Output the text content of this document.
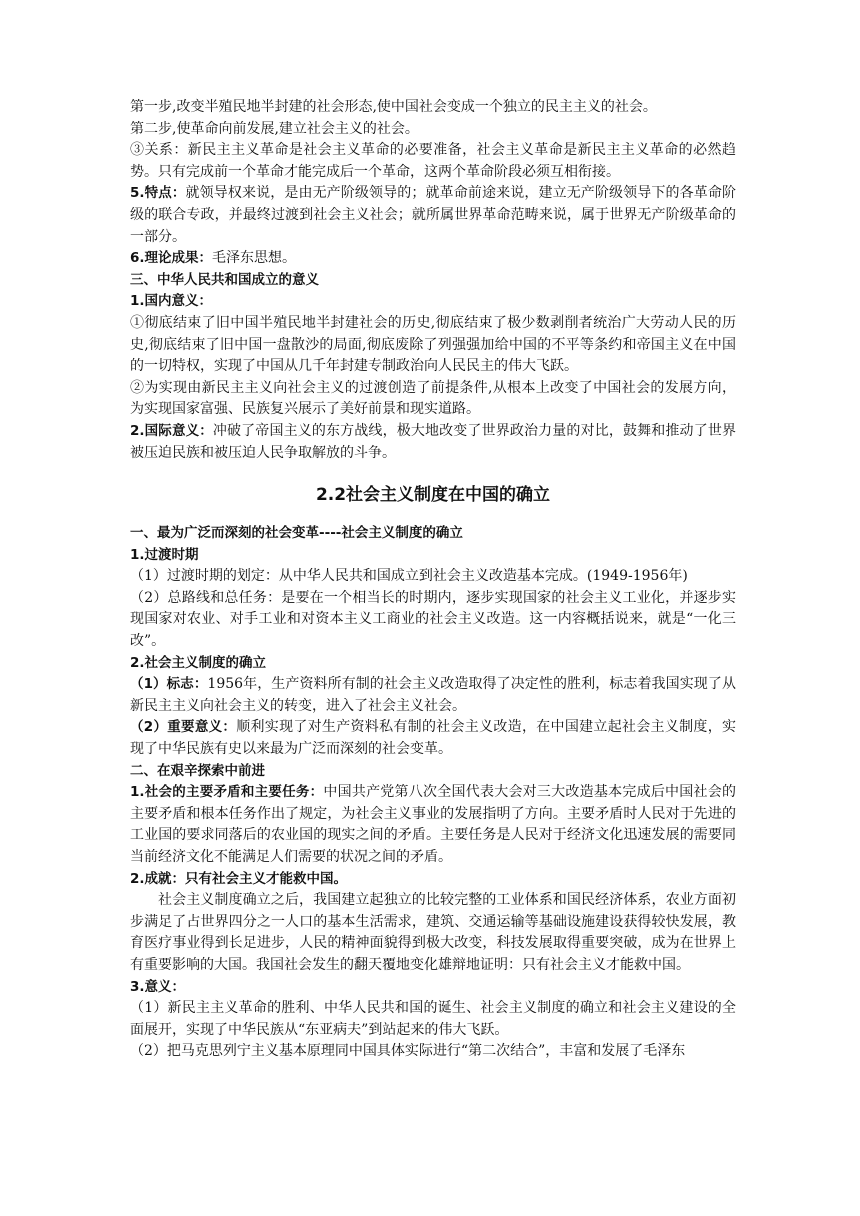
第一步,改变半殖民地半封建的社会形态,使中国社会变成一个独立的民主主义的社会。

第二步,使革命向前发展,建立社会主义的社会。

③关系：新民主主义革命是社会主义革命的必要准备，社会主义革命是新民主主义革命的必然趋势。只有完成前一个革命才能完成后一个革命，这两个革命阶段必须互相衔接。

5.特点：就领导权来说，是由无产阶级领导的；就革命前途来说，建立无产阶级领导下的各革命阶级的联合专政，并最终过渡到社会主义社会；就所属世界革命范畴来说，属于世界无产阶级革命的一部分。

6.理论成果：毛泽东思想。

三、中华人民共和国成立的意义

1.国内意义：

①彻底结束了旧中国半殖民地半封建社会的历史,彻底结束了极少数剥削者统治广大劳动人民的历史,彻底结束了旧中国一盘散沙的局面,彻底废除了列强强加给中国的不平等条约和帝国主义在中国的一切特权，实现了中国从几千年封建专制政治向人民民主的伟大飞跃。

②为实现由新民主主义向社会主义的过渡创造了前提条件,从根本上改变了中国社会的发展方向，为实现国家富强、民族复兴展示了美好前景和现实道路。

2.国际意义：冲破了帝国主义的东方战线，极大地改变了世界政治力量的对比，鼓舞和推动了世界被压迫民族和被压迫人民争取解放的斗争。

2.2社会主义制度在中国的确立

一、最为广泛而深刻的社会变革----社会主义制度的确立

1.过渡时期

（1）过渡时期的划定：从中华人民共和国成立到社会主义改造基本完成。(1949-1956年)

（2）总路线和总任务：是要在一个相当长的时期内，逐步实现国家的社会主义工业化，并逐步实现国家对农业、对手工业和对资本主义工商业的社会主义改造。这一内容概括说来，就是“一化三改”。

2.社会主义制度的确立

（1）标志：1956年，生产资料所有制的社会主义改造取得了决定性的胜利，标志着我国实现了从新民主主义向社会主义的转变，进入了社会主义社会。

（2）重要意义：顺利实现了对生产资料私有制的社会主义改造，在中国建立起社会主义制度，实现了中华民族有史以来最为广泛而深刻的社会变革。

二、在艰辛探索中前进

1.社会的主要矛盾和主要任务：中国共产党第八次全国代表大会对三大改造基本完成后中国社会的主要矛盾和根本任务作出了规定，为社会主义事业的发展指明了方向。主要矛盾时人民对于先进的工业国的要求同落后的农业国的现实之间的矛盾。主要任务是人民对于经济文化迅速发展的需要同当前经济文化不能满足人们需要的状况之间的矛盾。

2.成就：只有社会主义才能救中国。

社会主义制度确立之后，我国建立起独立的比较完整的工业体系和国民经济体系，农业方面初步满足了占世界四分之一人口的基本生活需求，建筑、交通运输等基础设施建设获得较快发展，教育医疗事业得到长足进步，人民的精神面貌得到极大改变，科技发展取得重要突破，成为在世界上有重要影响的大国。我国社会发生的翻天覆地变化雄辩地证明：只有社会主义才能救中国。

3.意义：

（1）新民主主义革命的胜利、中华人民共和国的诞生、社会主义制度的确立和社会主义建设的全面展开，实现了中华民族从“东亚病夫”到站起来的伟大飞跃。

（2）把马克思列宁主义基本原理同中国具体实际进行“第二次结合”，丰富和发展了毛泽东
